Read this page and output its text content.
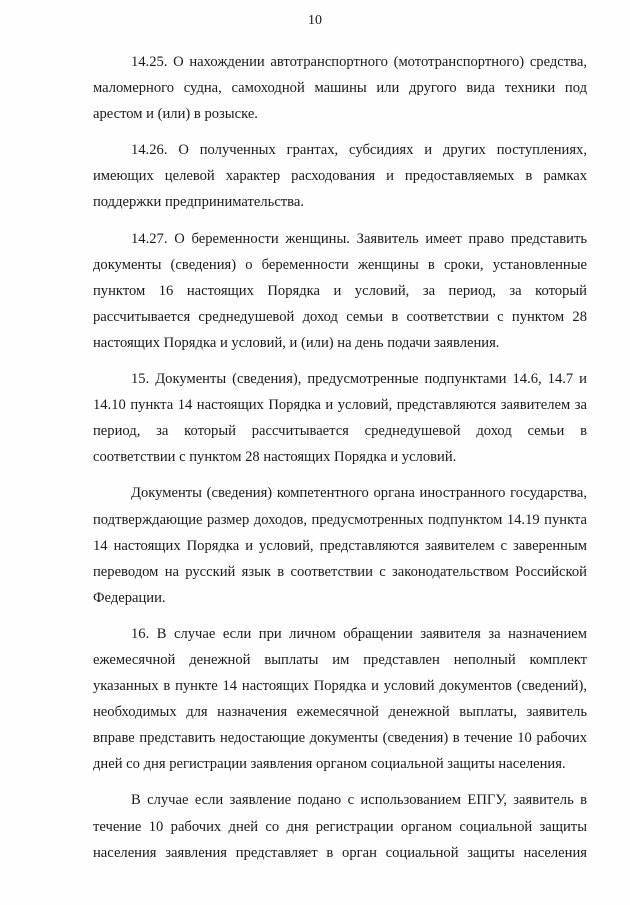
10

14.25. О нахождении автотранспортного (мототранспортного) средства, маломерного судна, самоходной машины или другого вида техники под арестом и (или) в розыске.

14.26. О полученных грантах, субсидиях и других поступлениях, имеющих целевой характер расходования и предоставляемых в рамках поддержки предпринимательства.

14.27. О беременности женщины. Заявитель имеет право представить документы (сведения) о беременности женщины в сроки, установленные пунктом 16 настоящих Порядка и условий, за период, за который рассчитывается среднедушевой доход семьи в соответствии с пунктом 28 настоящих Порядка и условий, и (или) на день подачи заявления.

15. Документы (сведения), предусмотренные подпунктами 14.6, 14.7 и 14.10 пункта 14 настоящих Порядка и условий, представляются заявителем за период, за который рассчитывается среднедушевой доход семьи в соответствии с пунктом 28 настоящих Порядка и условий.

Документы (сведения) компетентного органа иностранного государства, подтверждающие размер доходов, предусмотренных подпунктом 14.19 пункта 14 настоящих Порядка и условий, представляются заявителем с заверенным переводом на русский язык в соответствии с законодательством Российской Федерации.

16. В случае если при личном обращении заявителя за назначением ежемесячной денежной выплаты им представлен неполный комплект указанных в пункте 14 настоящих Порядка и условий документов (сведений), необходимых для назначения ежемесячной денежной выплаты, заявитель вправе представить недостающие документы (сведения) в течение 10 рабочих дней со дня регистрации заявления органом социальной защиты населения.

В случае если заявление подано с использованием ЕПГУ, заявитель в течение 10 рабочих дней со дня регистрации органом социальной защиты населения заявления представляет в орган социальной защиты населения
